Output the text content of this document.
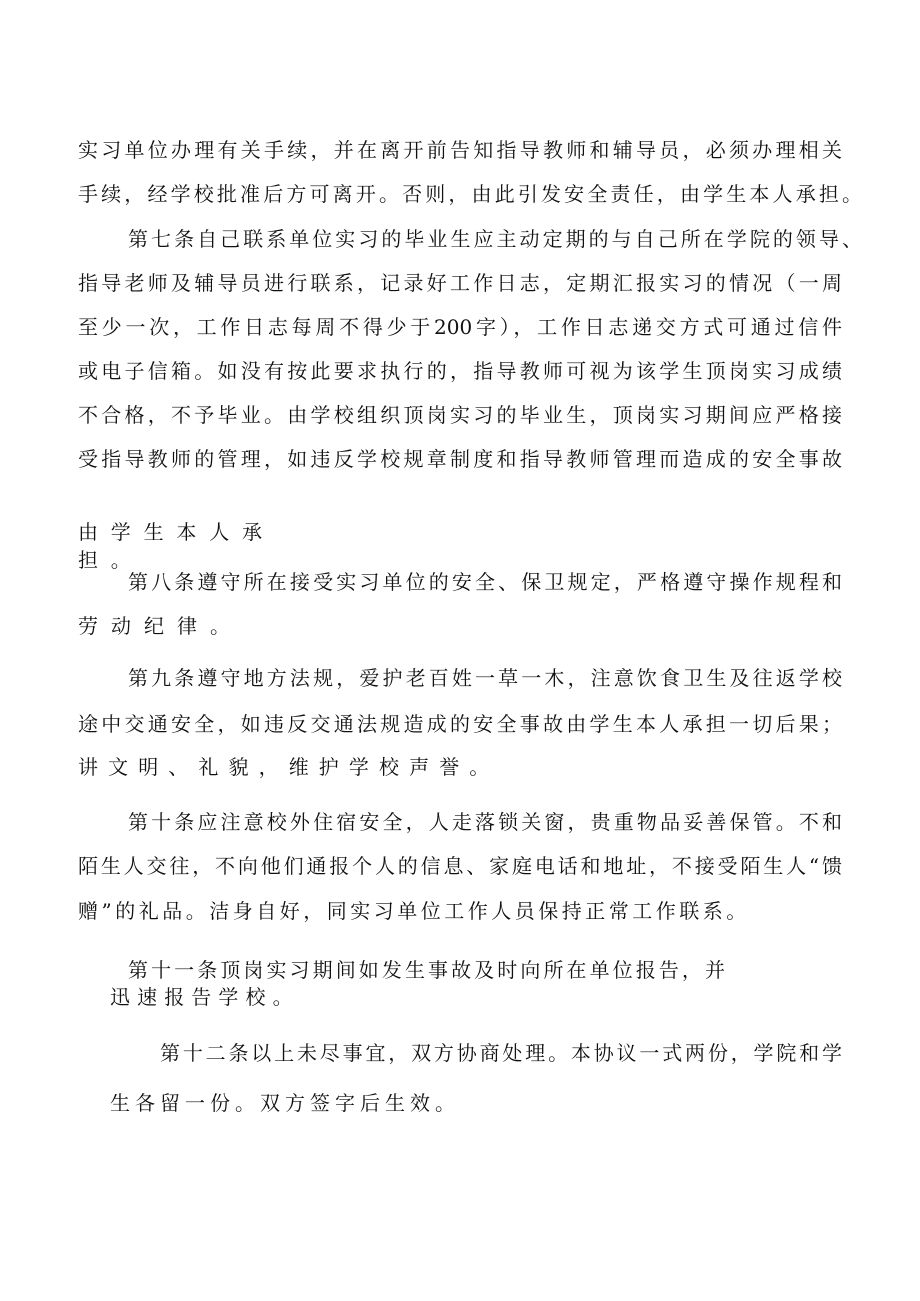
实习单位办理有关手续，并在离开前告知指导教师和辅导员，必须办理相关
手续，经学校批准后方可离开。否则，由此引发安全责任，由学生本人承担。
第七条自己联系单位实习的毕业生应主动定期的与自己所在学院的领导、
指导老师及辅导员进行联系，记录好工作日志，定期汇报实习的情况（一周
至少一次，工作日志每周不得少于200字），工作日志递交方式可通过信件
或电子信箱。如没有按此要求执行的，指导教师可视为该学生顶岗实习成绩
不合格，不予毕业。由学校组织顶岗实习的毕业生，顶岗实习期间应严格接
受指导教师的管理，如违反学校规章制度和指导教师管理而造成的安全事故
由学生本人承担。
第八条遵守所在接受实习单位的安全、保卫规定，严格遵守操作规程和
劳动纪律。
第九条遵守地方法规，爱护老百姓一草一木，注意饮食卫生及往返学校
途中交通安全，如违反交通法规造成的安全事故由学生本人承担一切后果；
讲文明、礼貌，维护学校声誉。
第十条应注意校外住宿安全，人走落锁关窗，贵重物品妥善保管。不和
陌生人交往，不向他们通报个人的信息、家庭电话和地址，不接受陌生人“馈
赠”的礼品。洁身自好，同实习单位工作人员保持正常工作联系。
第十一条顶岗实习期间如发生事故及时向所在单位报告，并
迅速报告学校。
第十二条以上未尽事宜，双方协商处理。本协议一式两份，学院和学
生各留一份。双方签字后生效。
